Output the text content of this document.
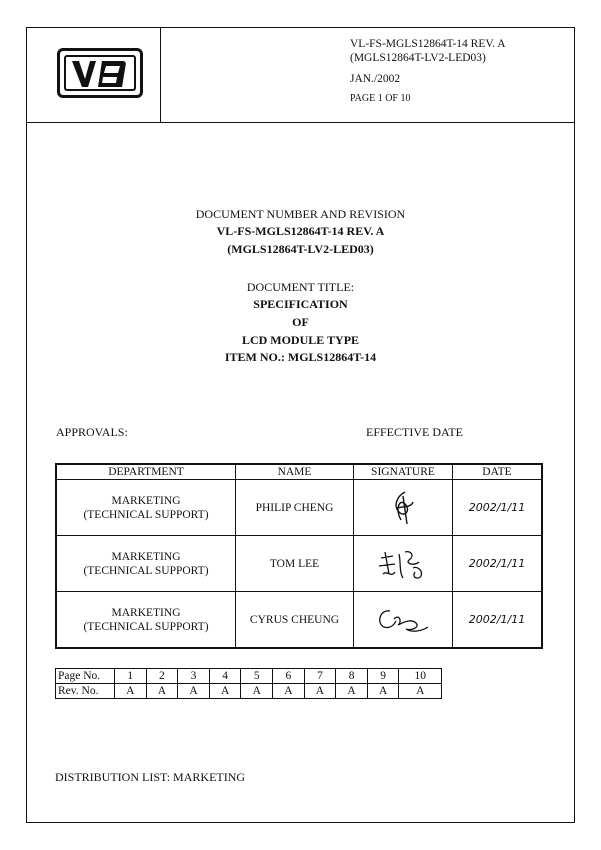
VL-FS-MGLS12864T-14 REV. A
(MGLS12864T-LV2-LED03)
JAN./2002
PAGE 1 OF 10
DOCUMENT NUMBER AND REVISION
VL-FS-MGLS12864T-14 REV. A
(MGLS12864T-LV2-LED03)
DOCUMENT TITLE:
SPECIFICATION
OF
LCD MODULE TYPE
ITEM NO.: MGLS12864T-14
APPROVALS:	EFFECTIVE DATE
DEPARTMENT	NAME	SIGNATURE	DATE
MARKETING
(TECHNICAL SUPPORT)	PHILIP CHENG		2002/1/11
MARKETING
(TECHNICAL SUPPORT)	TOM LEE		2002/1/11
MARKETING
(TECHNICAL SUPPORT)	CYRUS CHEUNG		2002/1/11
Page No.	1	2	3	4	5	6	7	8	9	10
Rev. No.	A	A	A	A	A	A	A	A	A	A
DISTRIBUTION LIST: MARKETING
